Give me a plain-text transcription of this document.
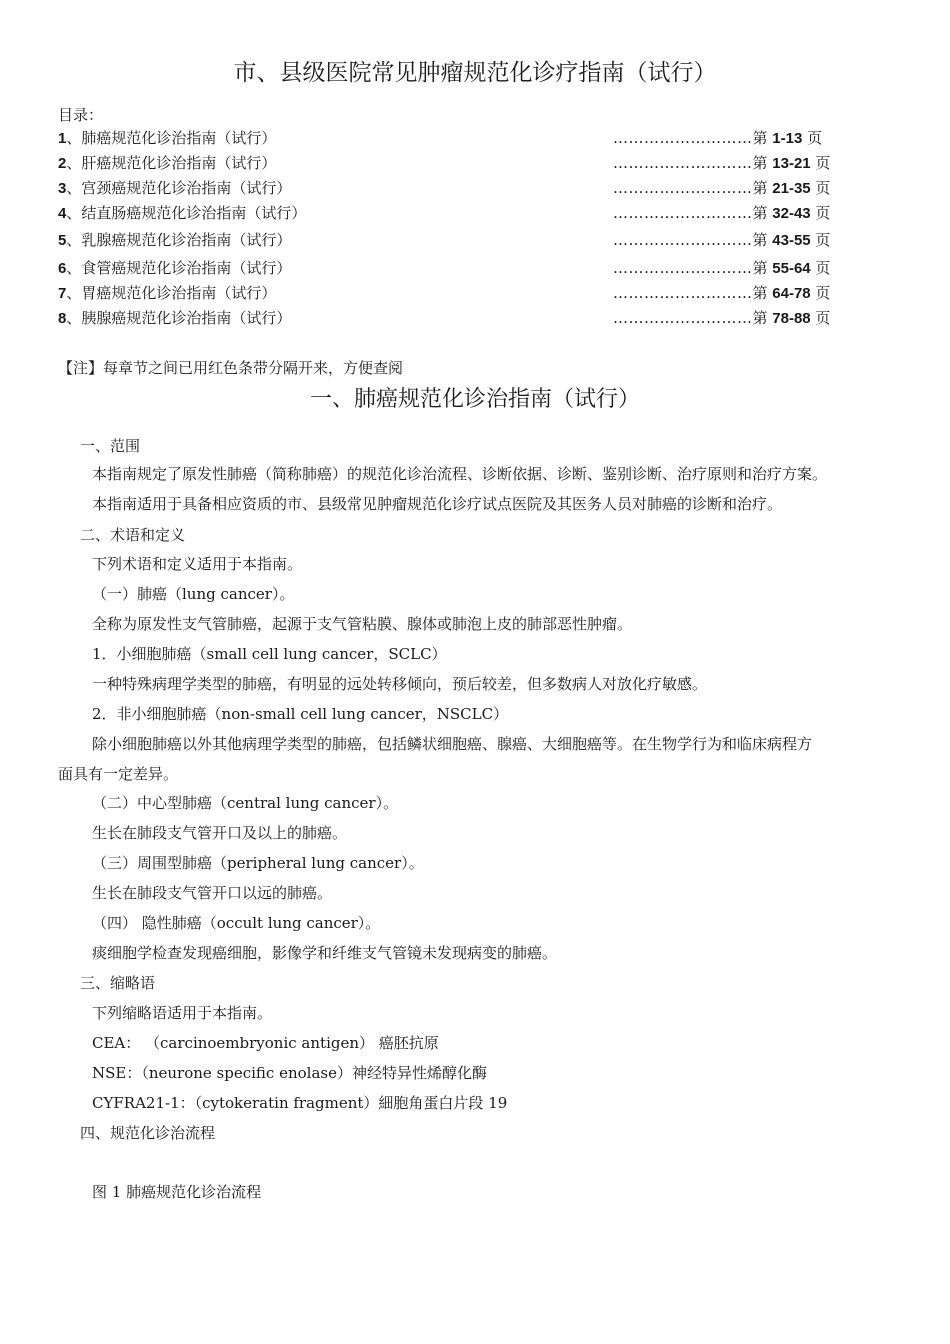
市、县级医院常见肿瘤规范化诊疗指南（试行）
目录：
1、肺癌规范化诊治指南（试行）	………………………第 1-13 页
2、肝癌规范化诊治指南（试行）	………………………第 13-21 页
3、宫颈癌规范化诊治指南（试行）	………………………第 21-35 页
4、结直肠癌规范化诊治指南（试行）	………………………第 32-43 页
5、乳腺癌规范化诊治指南（试行）	………………………第 43-55 页
6、食管癌规范化诊治指南（试行）	………………………第 55-64 页
7、胃癌规范化诊治指南（试行）	………………………第 64-78 页
8、胰腺癌规范化诊治指南（试行）	………………………第 78-88 页
【注】每章节之间已用红色条带分隔开来，方便查阅
一、肺癌规范化诊治指南（试行）
一、范围
本指南规定了原发性肺癌（简称肺癌）的规范化诊治流程、诊断依据、诊断、鉴别诊断、治疗原则和治疗方案。
本指南适用于具备相应资质的市、县级常见肿瘤规范化诊疗试点医院及其医务人员对肺癌的诊断和治疗。
二、术语和定义
下列术语和定义适用于本指南。
（一）肺癌（lung cancer）。
全称为原发性支气管肺癌，起源于支气管粘膜、腺体或肺泡上皮的肺部恶性肿瘤。
1．小细胞肺癌（small cell lung cancer，SCLC）
一种特殊病理学类型的肺癌，有明显的远处转移倾向，预后较差，但多数病人对放化疗敏感。
2．非小细胞肺癌（non-small cell lung cancer，NSCLC）
除小细胞肺癌以外其他病理学类型的肺癌，包括鳞状细胞癌、腺癌、大细胞癌等。在生物学行为和临床病程方
面具有一定差异。
（二）中心型肺癌（central lung cancer）。
生长在肺段支气管开口及以上的肺癌。
（三）周围型肺癌（peripheral lung cancer）。
生长在肺段支气管开口以远的肺癌。
（四） 隐性肺癌（occult lung cancer）。
痰细胞学检查发现癌细胞，影像学和纤维支气管镜未发现病变的肺癌。
三、缩略语
下列缩略语适用于本指南。
CEA： （carcinoembryonic antigen） 癌胚抗原
NSE：（neurone specific enolase）神经特异性烯醇化酶
CYFRA21-1：（cytokeratin fragment）細胞角蛋白片段 19
四、规范化诊治流程
图 1 肺癌规范化诊治流程
